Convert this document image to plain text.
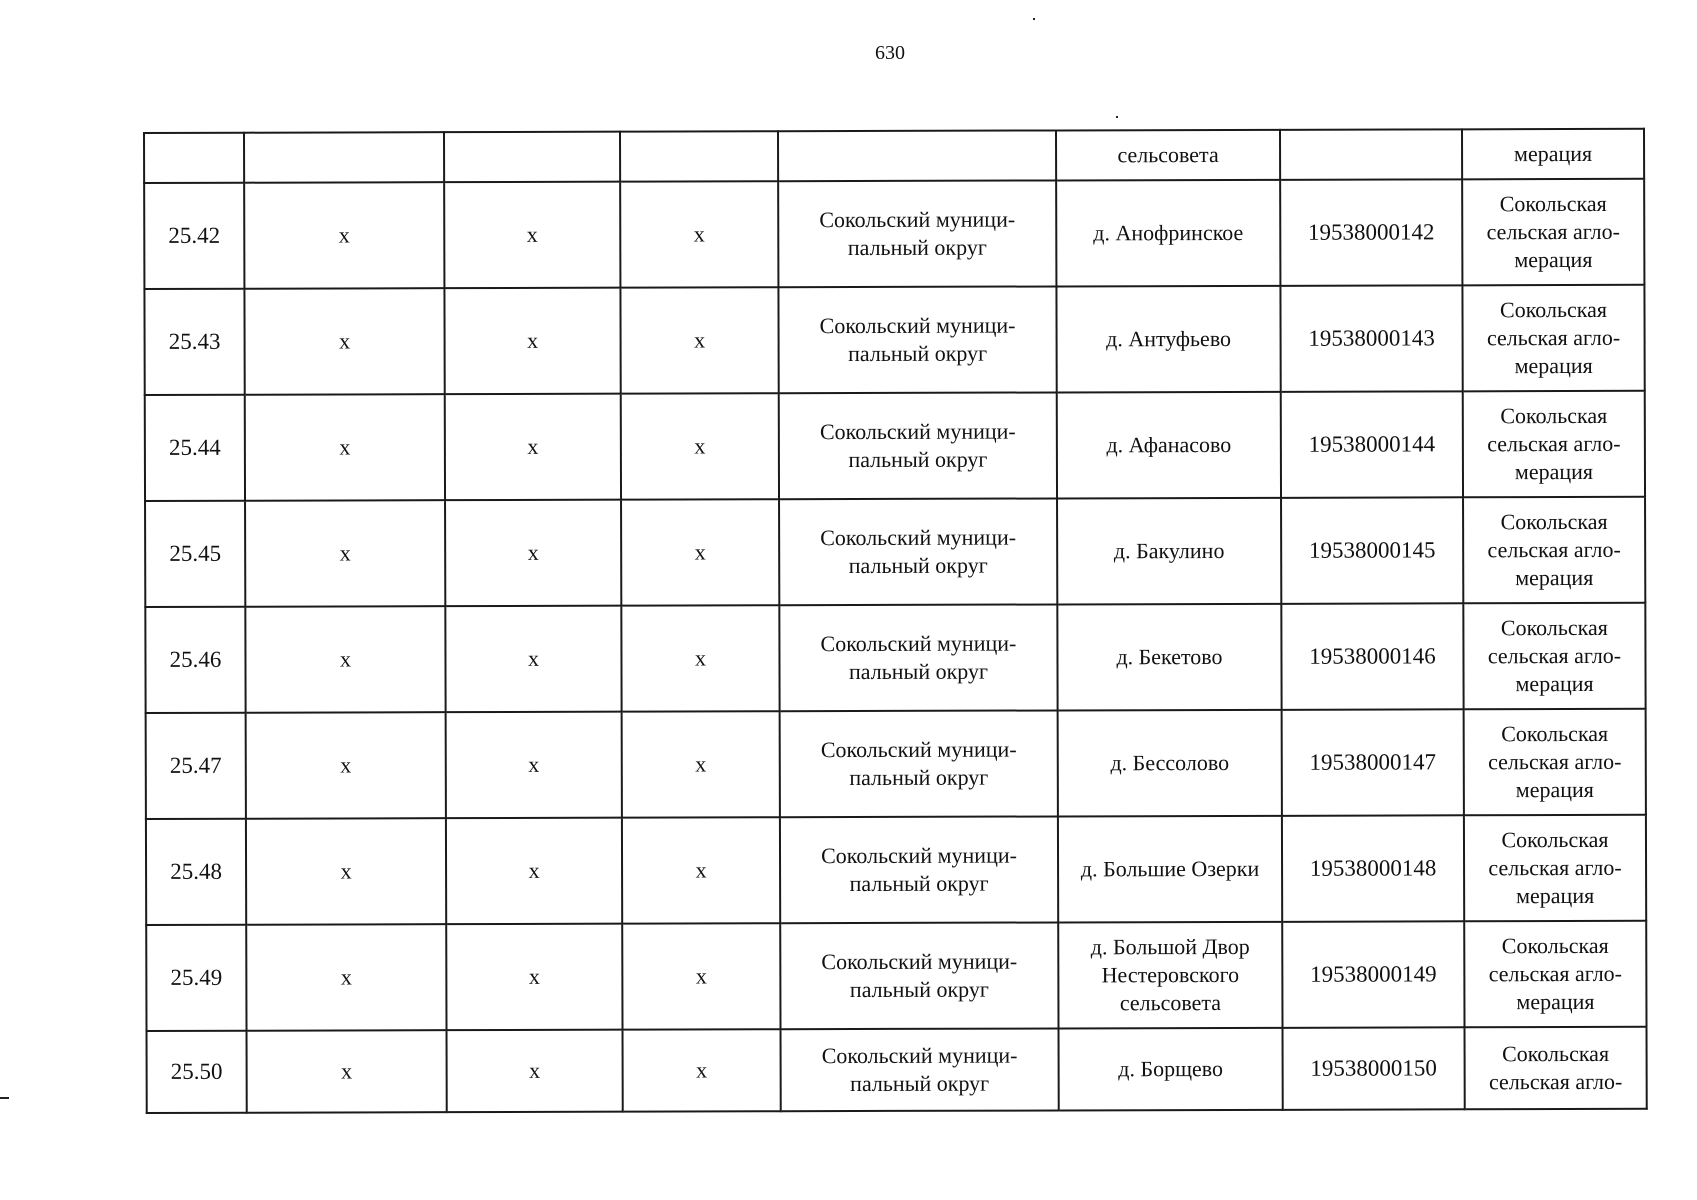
630
					сельсовета		мерация

25.42	х	х	х	Сокольский муници-
пальный округ	д. Анофринское	19538000142	Сокольская
сельская агло-
мерация

25.43	х	х	х	Сокольский муници-
пальный округ	д. Антуфьево	19538000143	Сокольская
сельская агло-
мерация

25.44	х	х	х	Сокольский муници-
пальный округ	д. Афанасово	19538000144	Сокольская
сельская агло-
мерация

25.45	х	х	х	Сокольский муници-
пальный округ	д. Бакулино	19538000145	Сокольская
сельская агло-
мерация

25.46	х	х	х	Сокольский муници-
пальный округ	д. Бекетово	19538000146	Сокольская
сельская агло-
мерация

25.47	х	х	х	Сокольский муници-
пальный округ	д. Бессолово	19538000147	Сокольская
сельская агло-
мерация

25.48	х	х	х	Сокольский муници-
пальный округ	д. Большие Озерки	19538000148	Сокольская
сельская агло-
мерация

25.49	х	х	х	Сокольский муници-
пальный округ	д. Большой Двор
Нестеровского
сельсовета	19538000149	Сокольская
сельская агло-
мерация

25.50	х	х	х	Сокольский муници-
пальный округ	д. Борщево	19538000150	Сокольская
сельская агло-
